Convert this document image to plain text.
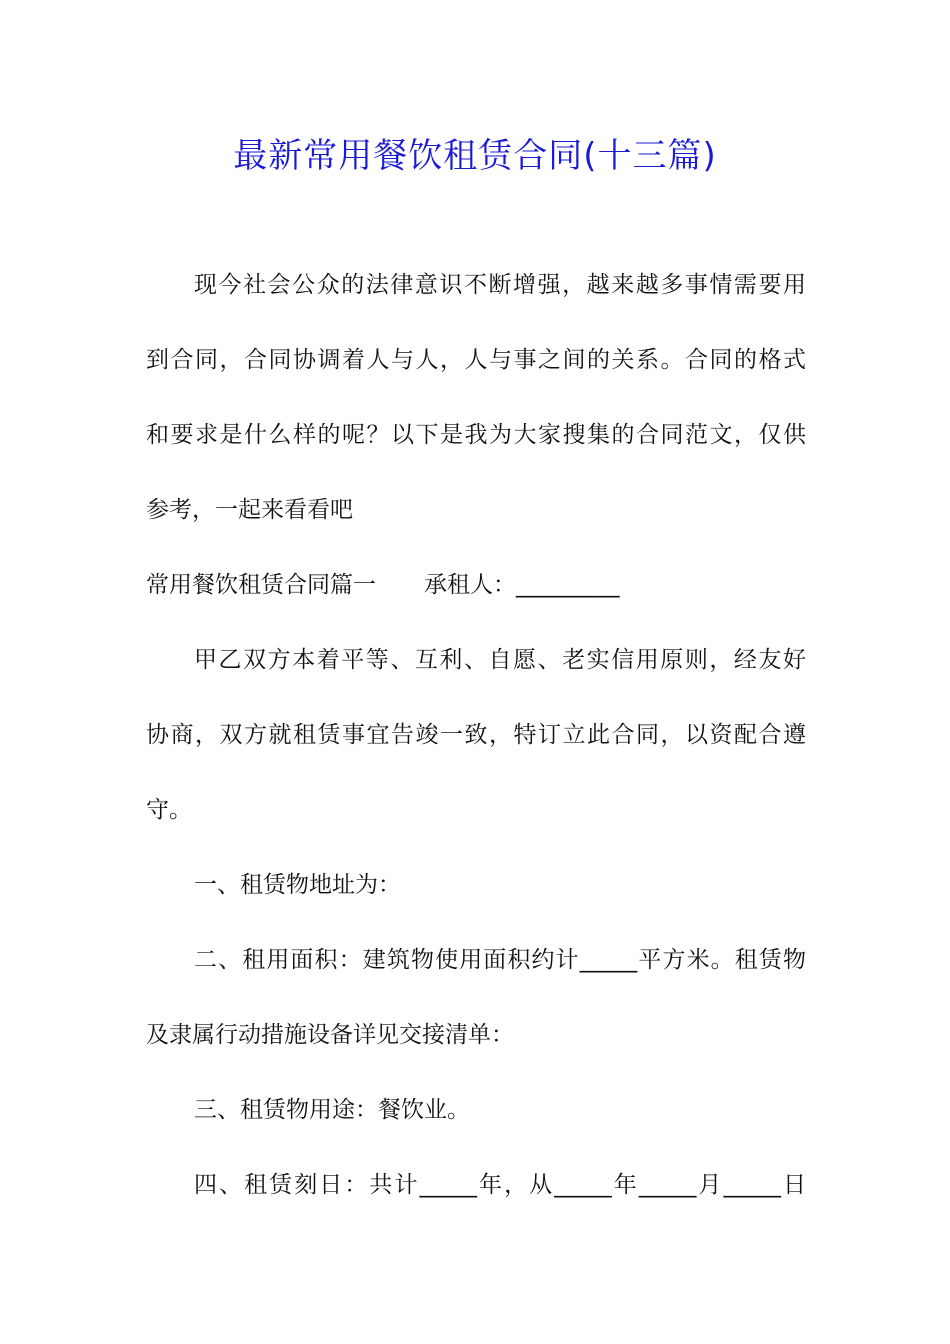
最新常用餐饮租赁合同(十三篇)
现今社会公众的法律意识不断增强，越来越多事情需要用
到合同，合同协调着人与人，人与事之间的关系。合同的格式
和要求是什么样的呢？以下是我为大家搜集的合同范文，仅供
参考，一起来看看吧
常用餐饮租赁合同篇一 承租人：_________
甲乙双方本着平等、互利、自愿、老实信用原则，经友好
协商，双方就租赁事宜告竣一致，特订立此合同，以资配合遵
守。
一、租赁物地址为：
二、租用面积：建筑物使用面积约计_____平方米。租赁物
及隶属行动措施设备详见交接清单：
三、租赁物用途：餐饮业。
四、租赁刻日：共计_____年，从_____年_____月_____日
